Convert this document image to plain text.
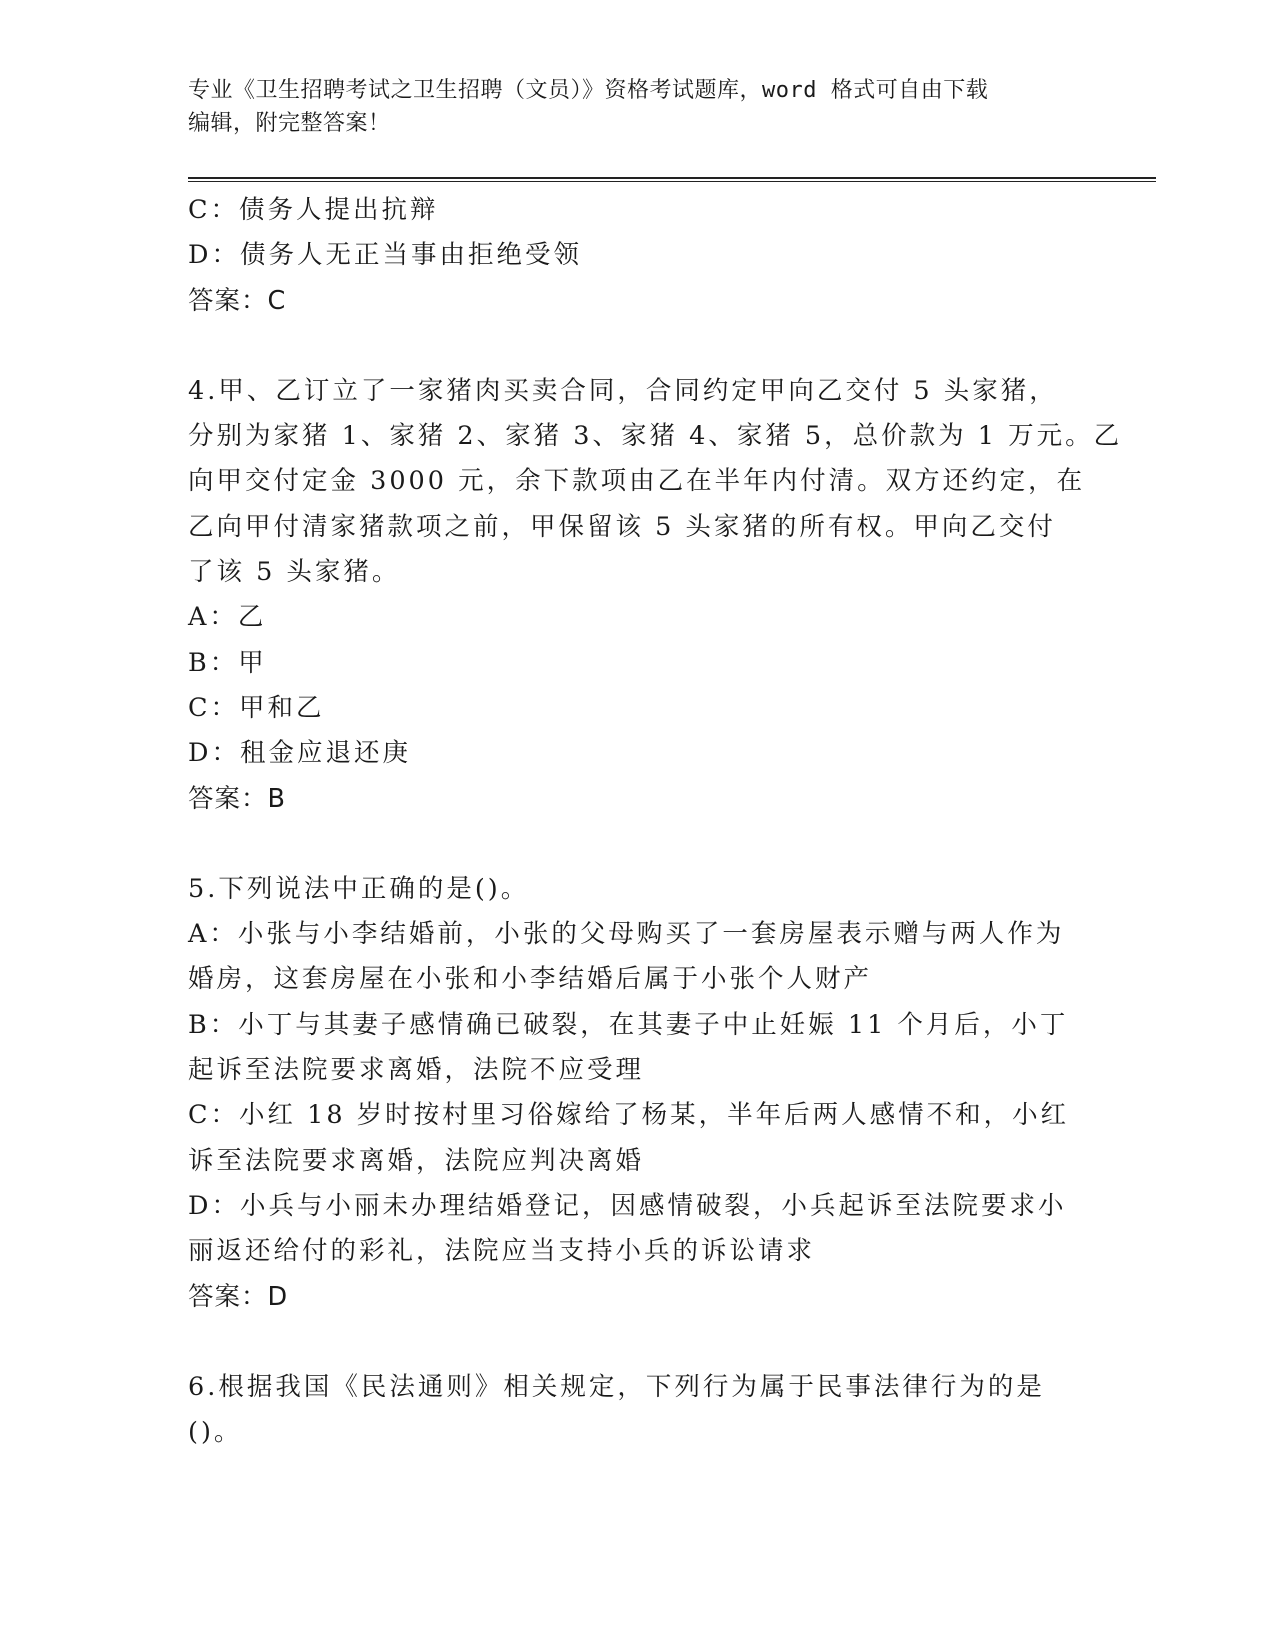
专业《卫生招聘考试之卫生招聘（文员）》资格考试题库，word 格式可自由下载
编辑，附完整答案！
C：债务人提出抗辩
D：债务人无正当事由拒绝受领
答案：C
4.甲、乙订立了一家猪肉买卖合同，合同约定甲向乙交付 5 头家猪，
分别为家猪 1、家猪 2、家猪 3、家猪 4、家猪 5，总价款为 1 万元。乙
向甲交付定金 3000 元，余下款项由乙在半年内付清。双方还约定，在
乙向甲付清家猪款项之前，甲保留该 5 头家猪的所有权。甲向乙交付
了该 5 头家猪。
A：乙
B：甲
C：甲和乙
D：租金应退还庚
答案：B
5.下列说法中正确的是()。
A：小张与小李结婚前，小张的父母购买了一套房屋表示赠与两人作为
婚房，这套房屋在小张和小李结婚后属于小张个人财产
B：小丁与其妻子感情确已破裂，在其妻子中止妊娠 11 个月后，小丁
起诉至法院要求离婚，法院不应受理
C：小红 18 岁时按村里习俗嫁给了杨某，半年后两人感情不和，小红
诉至法院要求离婚，法院应判决离婚
D：小兵与小丽未办理结婚登记，因感情破裂，小兵起诉至法院要求小
丽返还给付的彩礼，法院应当支持小兵的诉讼请求
答案：D
6.根据我国《民法通则》相关规定，下列行为属于民事法律行为的是
()。
